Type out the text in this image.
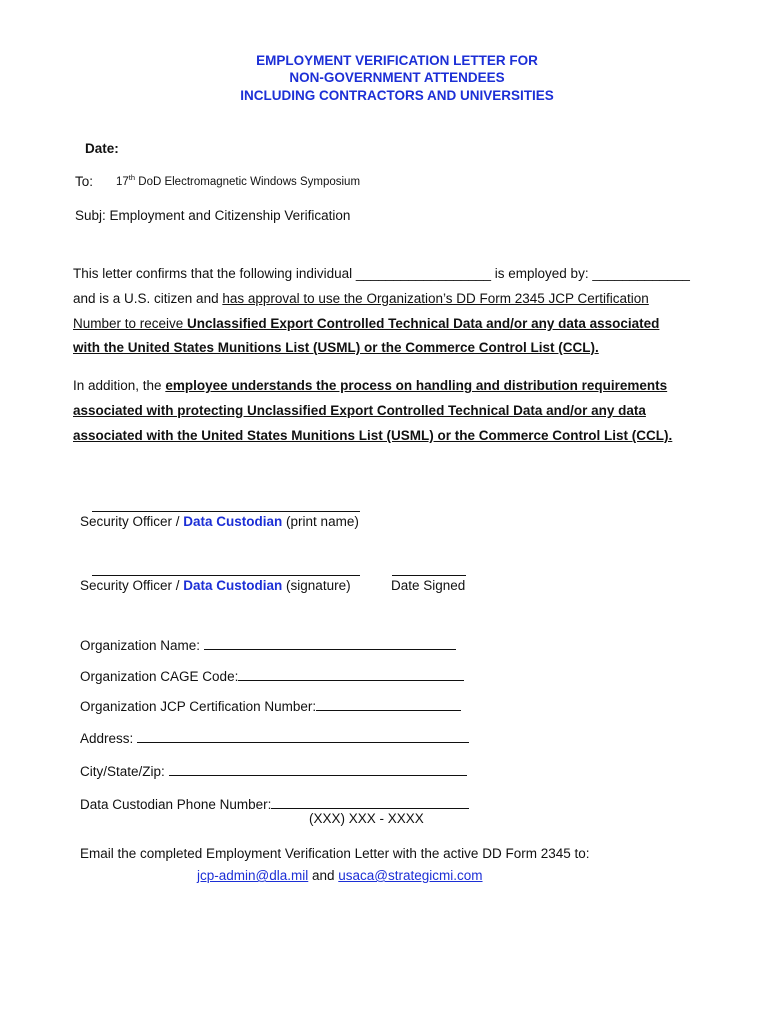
EMPLOYMENT VERIFICATION LETTER FOR
NON-GOVERNMENT ATTENDEES
INCLUDING CONTRACTORS AND UNIVERSITIES
Date:
To: 17th DoD Electromagnetic Windows Symposium
Subj: Employment and Citizenship Verification
This letter confirms that the following individual __________________ is employed by: _____________
and is a U.S. citizen and has approval to use the Organization’s DD Form 2345 JCP Certification
Number to receive Unclassified Export Controlled Technical Data and/or any data associated
with the United States Munitions List (USML) or the Commerce Control List (CCL).
In addition, the employee understands the process on handling and distribution requirements
associated with protecting Unclassified Export Controlled Technical Data and/or any data
associated with the United States Munitions List (USML) or the Commerce Control List (CCL).
Security Officer / Data Custodian (print name)
Security Officer / Data Custodian (signature)	Date Signed
Organization Name:
Organization CAGE Code:
Organization JCP Certification Number:
Address:
City/State/Zip:
Data Custodian Phone Number:
(XXX) XXX - XXXX
Email the completed Employment Verification Letter with the active DD Form 2345 to:
jcp-admin@dla.mil and usaca@strategicmi.com
